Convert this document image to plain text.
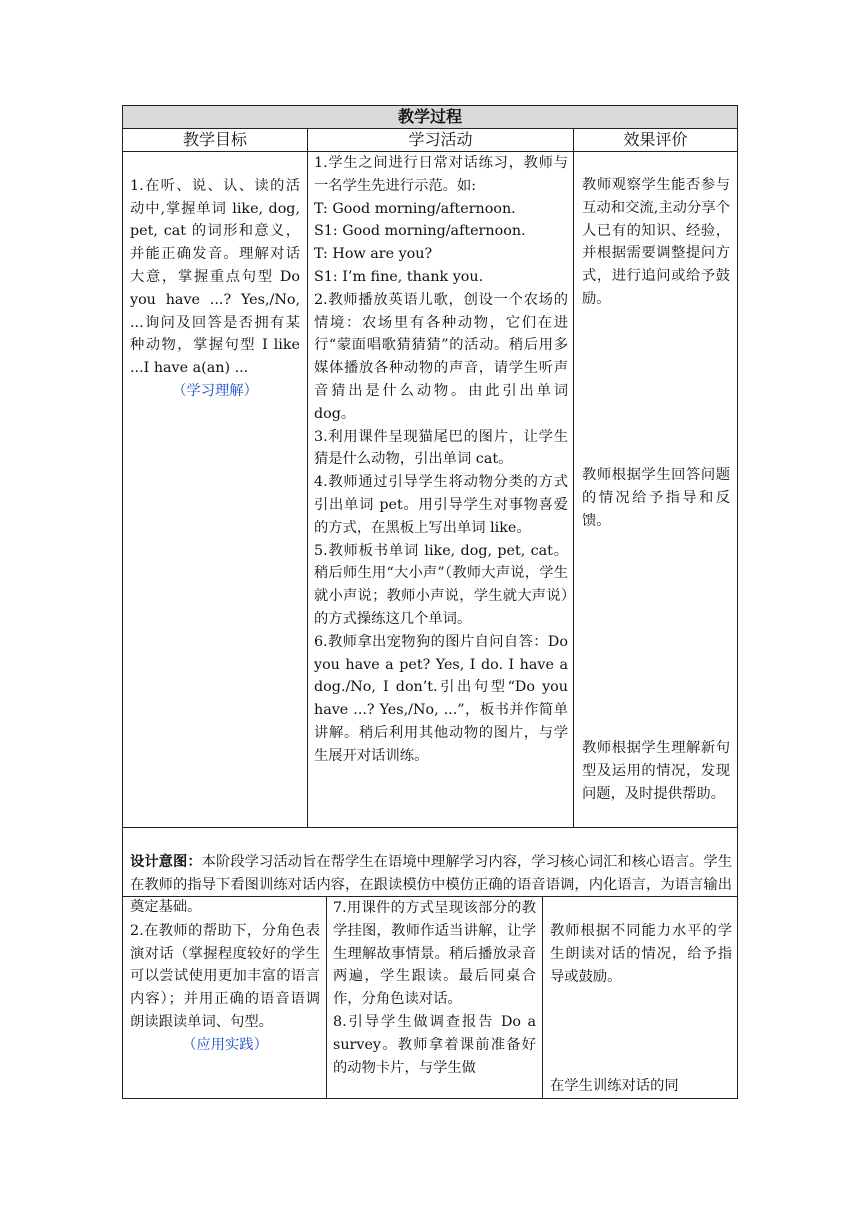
教学过程
教学目标	学习活动	效果评价

1.在听、说、认、读的活动中,掌握单词 like, dog, pet, cat 的词形和意义，并能正确发音。理解对话大意，掌握重点句型 Do you have ...? Yes,/No, ...询问及回答是否拥有某种动物，掌握句型 I like ...I have a(an) ...

（学习理解）

1.学生之间进行日常对话练习，教师与一名学生先进行示范。如:
T: Good morning/afternoon.
S1: Good morning/afternoon.
T: How are you?
S1: I’m fine, thank you.
2.教师播放英语儿歌，创设一个农场的情境：农场里有各种动物，它们在进行“蒙面唱歌猜猜猜”的活动。稍后用多媒体播放各种动物的声音，请学生听声音猜出是什么动物。由此引出单词 dog。
3.利用课件呈现猫尾巴的图片，让学生猜是什么动物，引出单词 cat。
4.教师通过引导学生将动物分类的方式引出单词 pet。用引导学生对事物喜爱的方式，在黑板上写出单词 like。
5.教师板书单词 like, dog, pet, cat。稍后师生用“大小声”（教师大声说，学生就小声说；教师小声说，学生就大声说）的方式操练这几个单词。
6.教师拿出宠物狗的图片自问自答：Do you have a pet? Yes, I do. I have a dog./No, I don’t.引出句型“Do you have ...? Yes,/No, ...”，板书并作简单讲解。稍后利用其他动物的图片，与学生展开对话训练。
教师观察学生能否参与互动和交流,主动分享个人已有的知识、经验，并根据需要调整提问方式，进行追问或给予鼓励。
教师根据学生回答问题的情况给予指导和反馈。
教师根据学生理解新句型及运用的情况，发现问题，及时提供帮助。

设计意图：本阶段学习活动旨在帮学生在语境中理解学习内容，学习核心词汇和核心语言。学生在教师的指导下看图训练对话内容，在跟读模仿中模仿正确的语音语调，内化语言，为语言输出奠定基础。

2.在教师的帮助下，分角色表演对话（掌握程度较好的学生可以尝试使用更加丰富的语言内容）；并用正确的语音语调朗读跟读单词、句型。

（应用实践）

7.用课件的方式呈现该部分的教学挂图，教师作适当讲解，让学生理解故事情景。稍后播放录音两遍，学生跟读。最后同桌合作，分角色读对话。
8.引导学生做调查报告 Do a survey。教师拿着课前准备好的动物卡片，与学生做
教师根据不同能力水平的学生朗读对话的情况，给予指导或鼓励。
在学生训练对话的同
